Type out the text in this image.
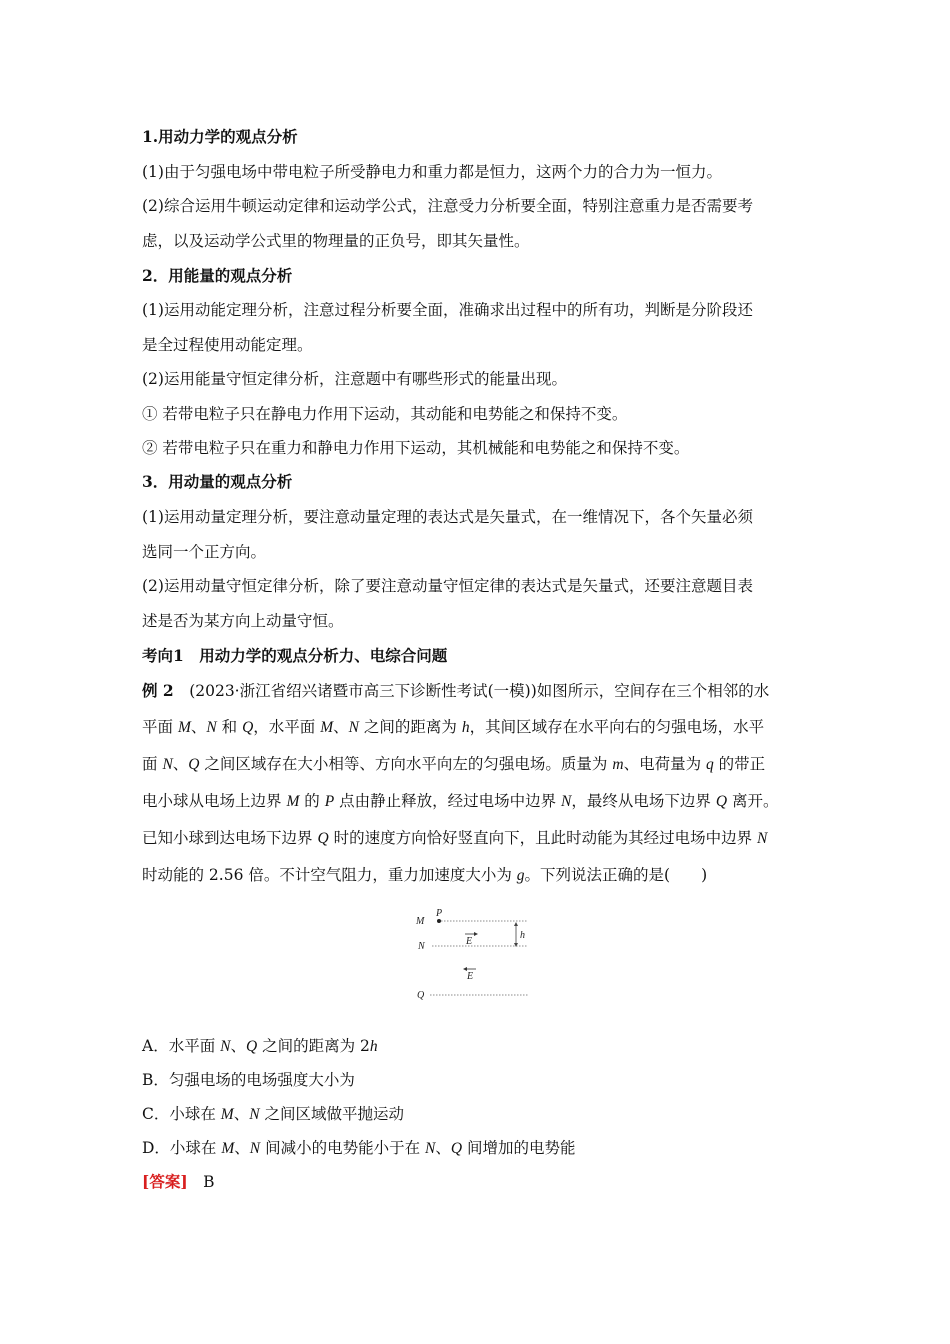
1.用动力学的观点分析
(1)由于匀强电场中带电粒子所受静电力和重力都是恒力，这两个力的合力为一恒力。
(2)综合运用牛顿运动定律和运动学公式，注意受力分析要全面，特别注意重力是否需要考
虑，以及运动学公式里的物理量的正负号，即其矢量性。
2．用能量的观点分析
(1)运用动能定理分析，注意过程分析要全面，准确求出过程中的所有功，判断是分阶段还
是全过程使用动能定理。
(2)运用能量守恒定律分析，注意题中有哪些形式的能量出现。
① 若带电粒子只在静电力作用下运动，其动能和电势能之和保持不变。
② 若带电粒子只在重力和静电力作用下运动，其机械能和电势能之和保持不变。
3．用动量的观点分析
(1)运用动量定理分析，要注意动量定理的表达式是矢量式，在一维情况下，各个矢量必须
选同一个正方向。
(2)运用动量守恒定律分析，除了要注意动量守恒定律的表达式是矢量式，还要注意题目表
述是否为某方向上动量守恒。
考向1　用动力学的观点分析力、电综合问题
例 2　(2023·浙江省绍兴诸暨市高三下诊断性考试(一模))如图所示，空间存在三个相邻的水
平面 M、N 和 Q，水平面 M、N 之间的距离为 h，其间区域存在水平向右的匀强电场，水平
面 N、Q 之间区域存在大小相等、方向水平向左的匀强电场。质量为 m、电荷量为 q 的带正
电小球从电场上边界 M 的 P 点由静止释放，经过电场中边界 N，最终从电场下边界 Q 离开。
已知小球到达电场下边界 Q 时的速度方向恰好竖直向下，且此时动能为其经过电场中边界 N
时动能的 2.56 倍。不计空气阻力，重力加速度大小为 g。下列说法正确的是(　　)
M
P
h
E
N
E
Q
A．水平面 N、Q 之间的距离为 2h
B．匀强电场的电场强度大小为
C．小球在 M、N 之间区域做平抛运动
D．小球在 M、N 间减小的电势能小于在 N、Q 间增加的电势能
[答案]　B
